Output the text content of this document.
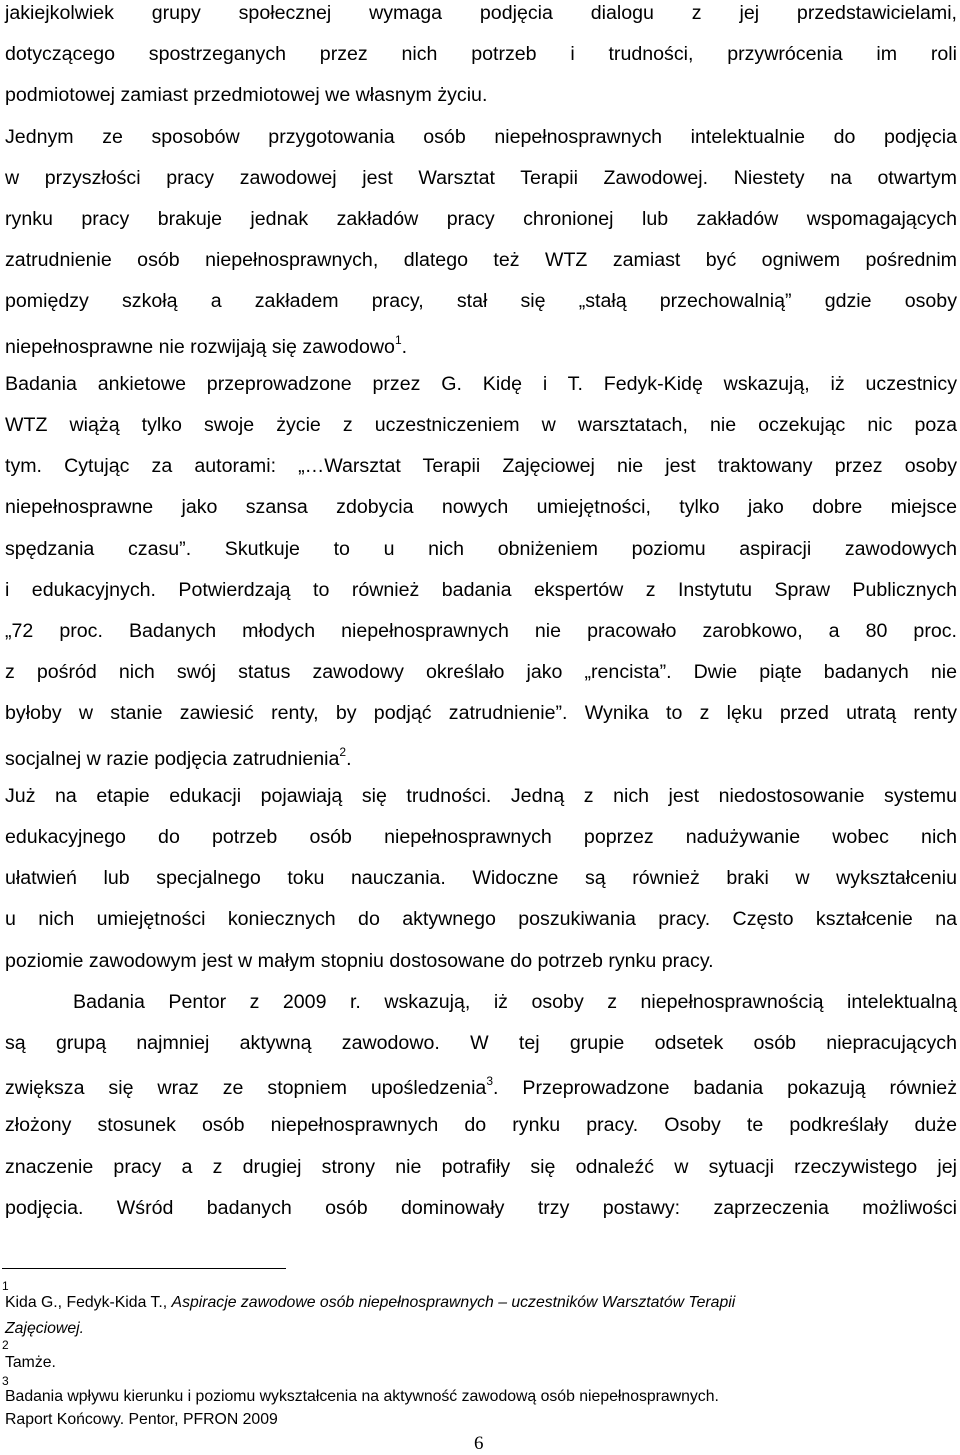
jakiejkolwiek grupy społecznej wymaga podjęcia dialogu z jej przedstawicielami,
dotyczącego spostrzeganych przez nich potrzeb i trudności, przywrócenia im roli
podmiotowej zamiast przedmiotowej we własnym życiu.
Jednym ze sposobów przygotowania osób niepełnosprawnych intelektualnie do podjęcia
w przyszłości pracy zawodowej jest Warsztat Terapii Zawodowej. Niestety na otwartym
rynku pracy brakuje jednak zakładów pracy chronionej lub zakładów wspomagających
zatrudnienie osób niepełnosprawnych, dlatego też WTZ zamiast być ogniwem pośrednim
pomiędzy szkołą a zakładem pracy, stał się „stałą przechowalnią” gdzie osoby
niepełnosprawne nie rozwijają się zawodowo$^1$.
Badania ankietowe przeprowadzone przez G. Kidę i T. Fedyk-Kidę wskazują, iż uczestnicy
WTZ wiążą tylko swoje życie z uczestniczeniem w warsztatach, nie oczekując nic poza
tym. Cytując za autorami: „…Warsztat Terapii Zajęciowej nie jest traktowany przez osoby
niepełnosprawne jako szansa zdobycia nowych umiejętności, tylko jako dobre miejsce
spędzania czasu”. Skutkuje to u nich obniżeniem poziomu aspiracji zawodowych
i edukacyjnych. Potwierdzają to również badania ekspertów z Instytutu Spraw Publicznych
„72 proc. Badanych młodych niepełnosprawnych nie pracowało zarobkowo, a 80 proc.
z pośród nich swój status zawodowy określało jako „rencista”. Dwie piąte badanych nie
byłoby w stanie zawiesić renty, by podjąć zatrudnienie”. Wynika to z lęku przed utratą renty
socjalnej w razie podjęcia zatrudnienia$^2$.
Już na etapie edukacji pojawiają się trudności. Jedną z nich jest niedostosowanie systemu
edukacyjnego do potrzeb osób niepełnosprawnych poprzez nadużywanie wobec nich
ułatwień lub specjalnego toku nauczania. Widoczne są również braki w wykształceniu
u nich umiejętności koniecznych do aktywnego poszukiwania pracy. Często kształcenie na
poziomie zawodowym jest w małym stopniu dostosowane do potrzeb rynku pracy.
Badania Pentor z 2009 r. wskazują, iż osoby z niepełnosprawnością intelektualną
są grupą najmniej aktywną zawodowo. W tej grupie odsetek osób niepracujących
zwiększa się wraz ze stopniem upośledzenia$^3$. Przeprowadzone badania pokazują również
złożony stosunek osób niepełnosprawnych do rynku pracy. Osoby te podkreślały duże
znaczenie pracy a z drugiej strony nie potrafiły się odnaleźć w sytuacji rzeczywistego jej
podjęcia. Wśród badanych osób dominowały trzy postawy: zaprzeczenia możliwości
1
Kida G., Fedyk-Kida T., Aspiracje zawodowe osób niepełnosprawnych – uczestników Warsztatów Terapii
Zajęciowej.
2
Tamże.
3
Badania wpływu kierunku i poziomu wykształcenia na aktywność zawodową osób niepełnosprawnych.
Raport Końcowy. Pentor, PFRON 2009
6
